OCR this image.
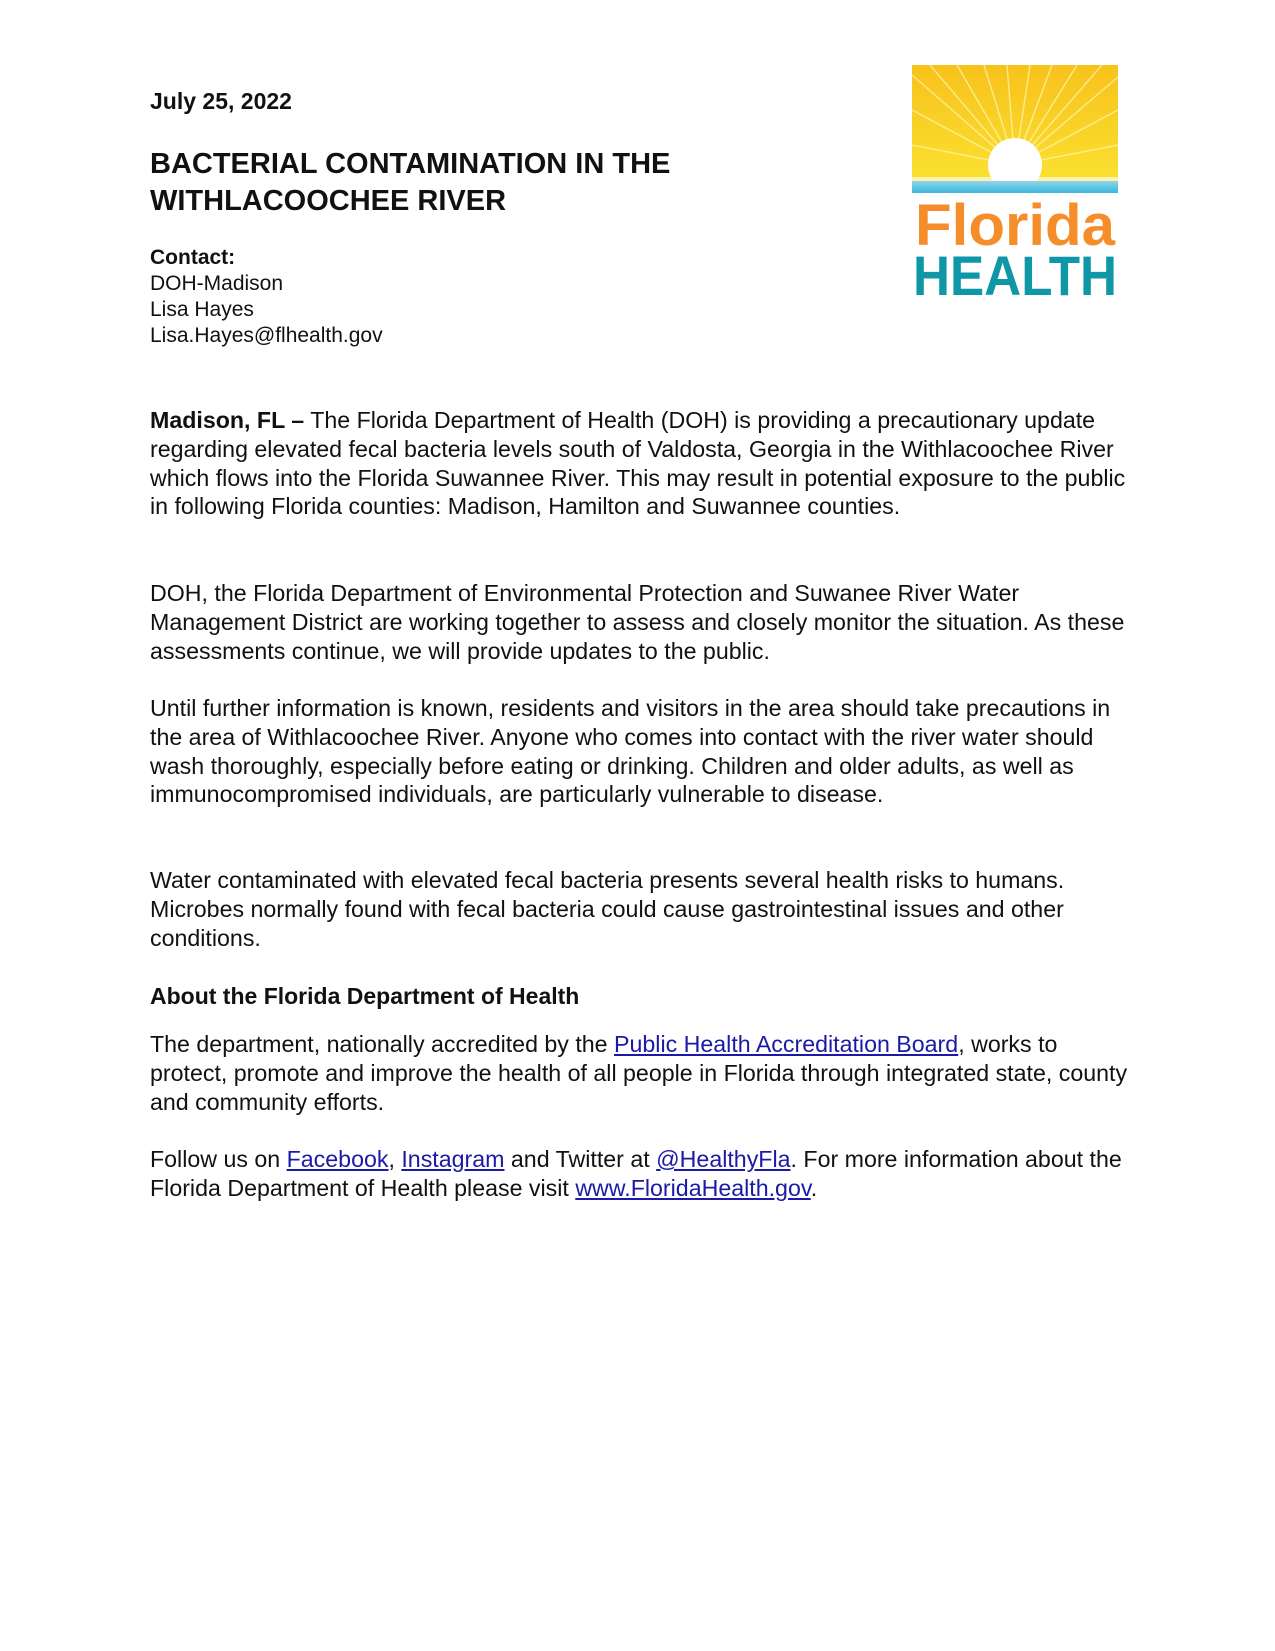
July 25, 2022

BACTERIAL CONTAMINATION IN THE
WITHLACOOCHEE RIVER
Contact:
DOH-Madison
Lisa Hayes
Lisa.Hayes@flhealth.gov
Florida
HEALTH

Madison, FL – The Florida Department of Health (DOH) is providing a precautionary update regarding elevated fecal bacteria levels south of Valdosta, Georgia in the Withlacoochee River which flows into the Florida Suwannee River. This may result in potential exposure to the public in following Florida counties: Madison, Hamilton and Suwannee counties.

DOH, the Florida Department of Environmental Protection and Suwanee River Water Management District are working together to assess and closely monitor the situation. As these assessments continue, we will provide updates to the public.

Until further information is known, residents and visitors in the area should take precautions in the area of Withlacoochee River. Anyone who comes into contact with the river water should wash thoroughly, especially before eating or drinking. Children and older adults, as well as immunocompromised individuals, are particularly vulnerable to disease.

Water contaminated with elevated fecal bacteria presents several health risks to humans. Microbes normally found with fecal bacteria could cause gastrointestinal issues and other conditions.

About the Florida Department of Health

The department, nationally accredited by the Public Health Accreditation Board, works to protect, promote and improve the health of all people in Florida through integrated state, county and community efforts.

Follow us on Facebook, Instagram and Twitter at @HealthyFla. For more information about the Florida Department of Health please visit www.FloridaHealth.gov.
